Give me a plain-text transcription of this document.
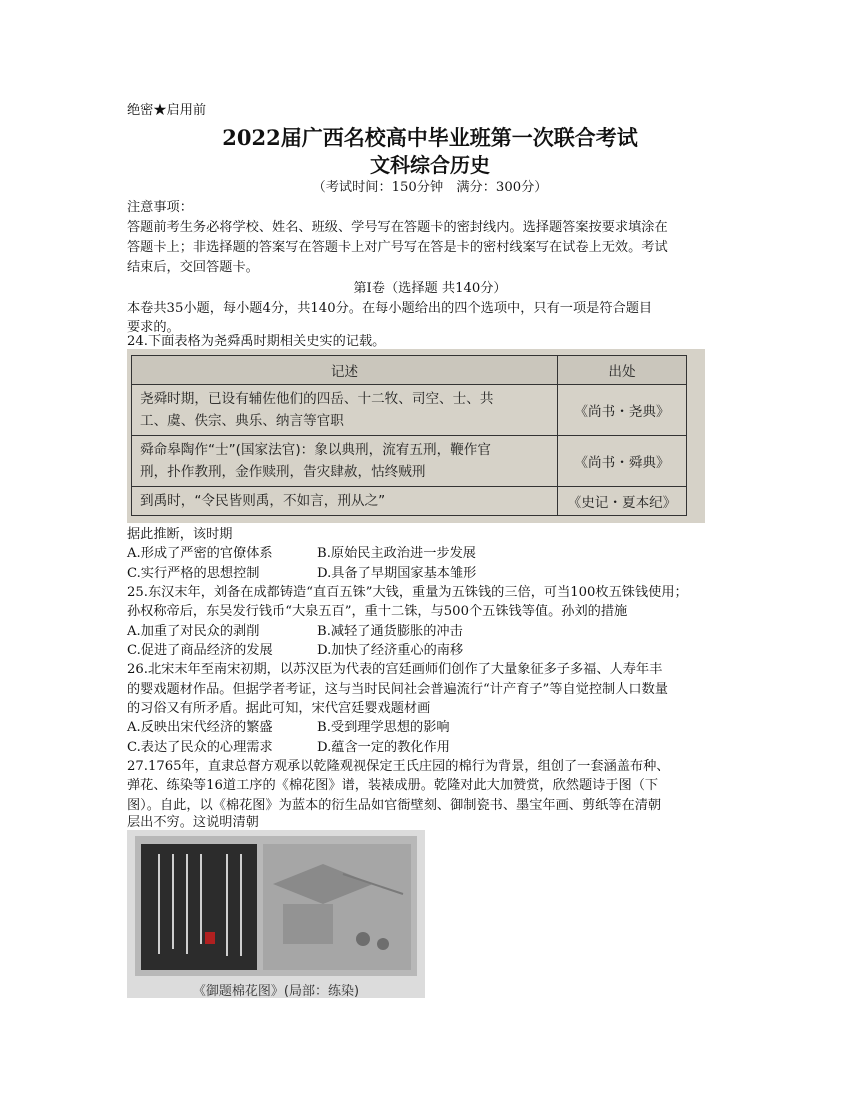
绝密★启用前
2022届广西名校高中毕业班第一次联合考试
文科综合历史
（考试时间：150分钟　满分：300分）
注意事项：
答题前考生务必将学校、姓名、班级、学号写在答题卡的密封线内。选择题答案按要求填涂在
答题卡上；非选择题的答案写在答题卡上对广号写在答是卡的密村线案写在试卷上无效。考试
结束后，交回答题卡。
第I卷（选择题 共140分）
本卷共35小题，每小题4分，共140分。在每小题给出的四个选项中，只有一项是符合题目
要求的。
24.下面表格为尧舜禹时期相关史实的记载。
记述	出处

尧舜时期，已设有辅佐他们的四岳、十二牧、司空、士、共
工、虞、佚宗、典乐、纳言等官职	《尚书・尧典》

舜命皋陶作“士”(国家法官)：象以典刑，流宥五刑，鞭作官
刑，扑作教刑，金作赎刑，眚灾肆赦，怙终贼刑	《尚书・舜典》

到禹时，“令民皆则禹，不如言，刑从之”	《史记・夏本纪》
据此推断，该时期
A.形成了严密的官僚体系	B.原始民主政治进一步发展
C.实行严格的思想控制	D.具备了早期国家基本雏形
25.东汉末年，刘备在成都铸造“直百五铢”大钱，重量为五铢钱的三倍，可当100枚五铢钱使用；
孙权称帝后，东吴发行钱币“大泉五百”，重十二铢，与500个五铢钱等值。孙刘的措施
A.加重了对民众的剥削	B.减轻了通货膨胀的冲击
C.促进了商品经济的发展	D.加快了经济重心的南移
26.北宋末年至南宋初期，以苏汉臣为代表的宫廷画师们创作了大量象征多子多福、人寿年丰
的婴戏题材作品。但据学者考证，这与当时民间社会普遍流行“计产育子”等自觉控制人口数量
的习俗又有所矛盾。据此可知，宋代宫廷婴戏题材画
A.反映出宋代经济的繁盛	B.受到理学思想的影响
C.表达了民众的心理需求	D.蕴含一定的教化作用
27.1765年，直隶总督方观承以乾隆观视保定王氏庄园的棉行为背景，组创了一套涵盖布种、
弹花、练染等16道工序的《棉花图》谱，装裱成册。乾隆对此大加赞赏，欣然题诗于图（下
图）。自此，以《棉花图》为蓝本的衍生品如官衙壁刻、御制瓷书、墨宝年画、剪纸等在清朝
层出不穷。这说明清朝
《御题棉花图》(局部：练染)
